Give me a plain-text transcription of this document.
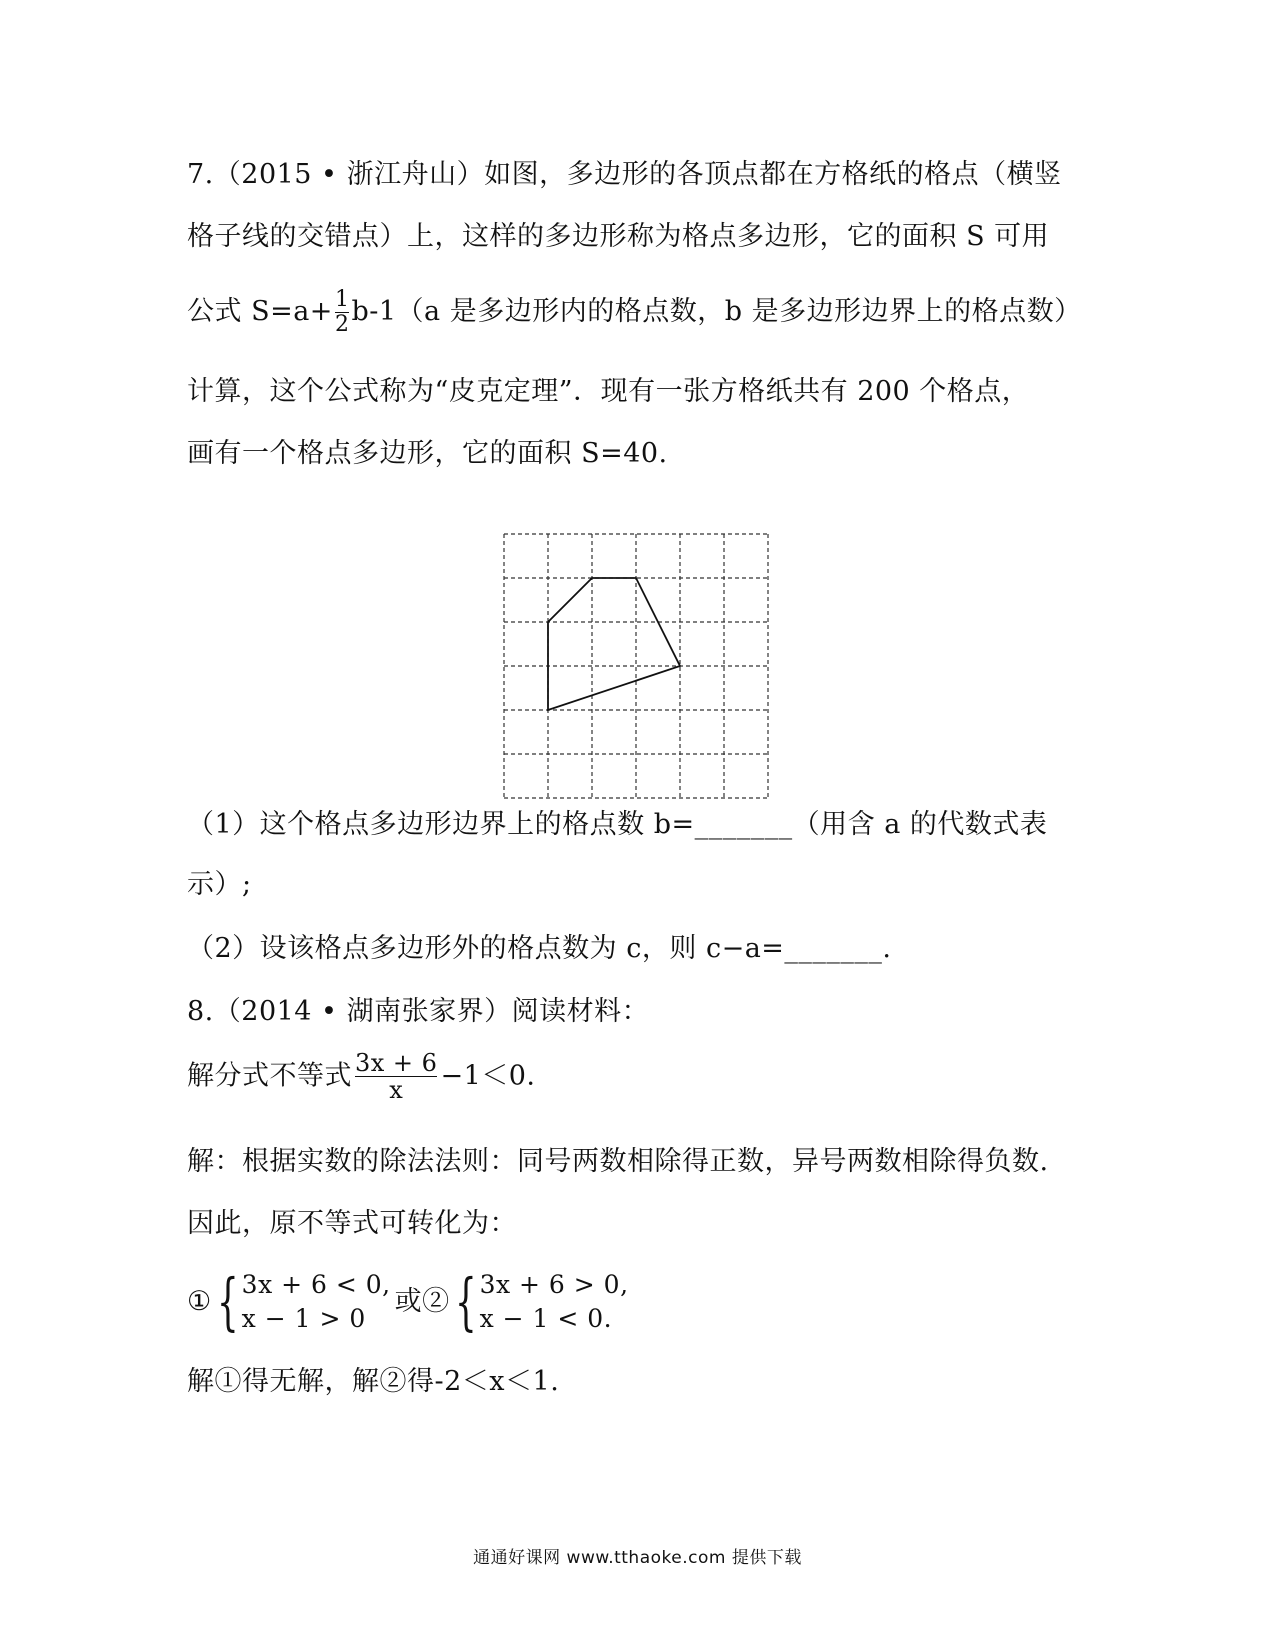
7.（2015 • 浙江舟山）如图，多边形的各顶点都在方格纸的格点（横竖
格子线的交错点）上，这样的多边形称为格点多边形，它的面积 S 可用
公式 $S=a+ \frac{1}{2} b-1(a$ 是多边形内的格点数，b 是多边形边界上的格点数）
计算，这个公式称为“皮克定理”．现有一张方格纸共有 200 个格点，
画有一个格点多边形，它的面积 S=40.
（1）这个格点多边形边界上的格点数 b=_______（用含 a 的代数式表
示）;
（2）设该格点多边形外的格点数为 c，则 c−a=_______.
8.（2014 • 湖南张家界）阅读材料：
解分式不等式 $\frac{3x + 6}{x} -1<0$.
解：根据实数的除法法则：同号两数相除得正数，异号两数相除得负数.
因此，原不等式可转化为：
① { 3x + 6 < 0,
x − 1 > 0
或② { 3x + 6 > 0,
x − 1 < 0.
解①得无解，解②得-2＜x＜1.
通通好课网 www.tthaoke.com 提供下载
